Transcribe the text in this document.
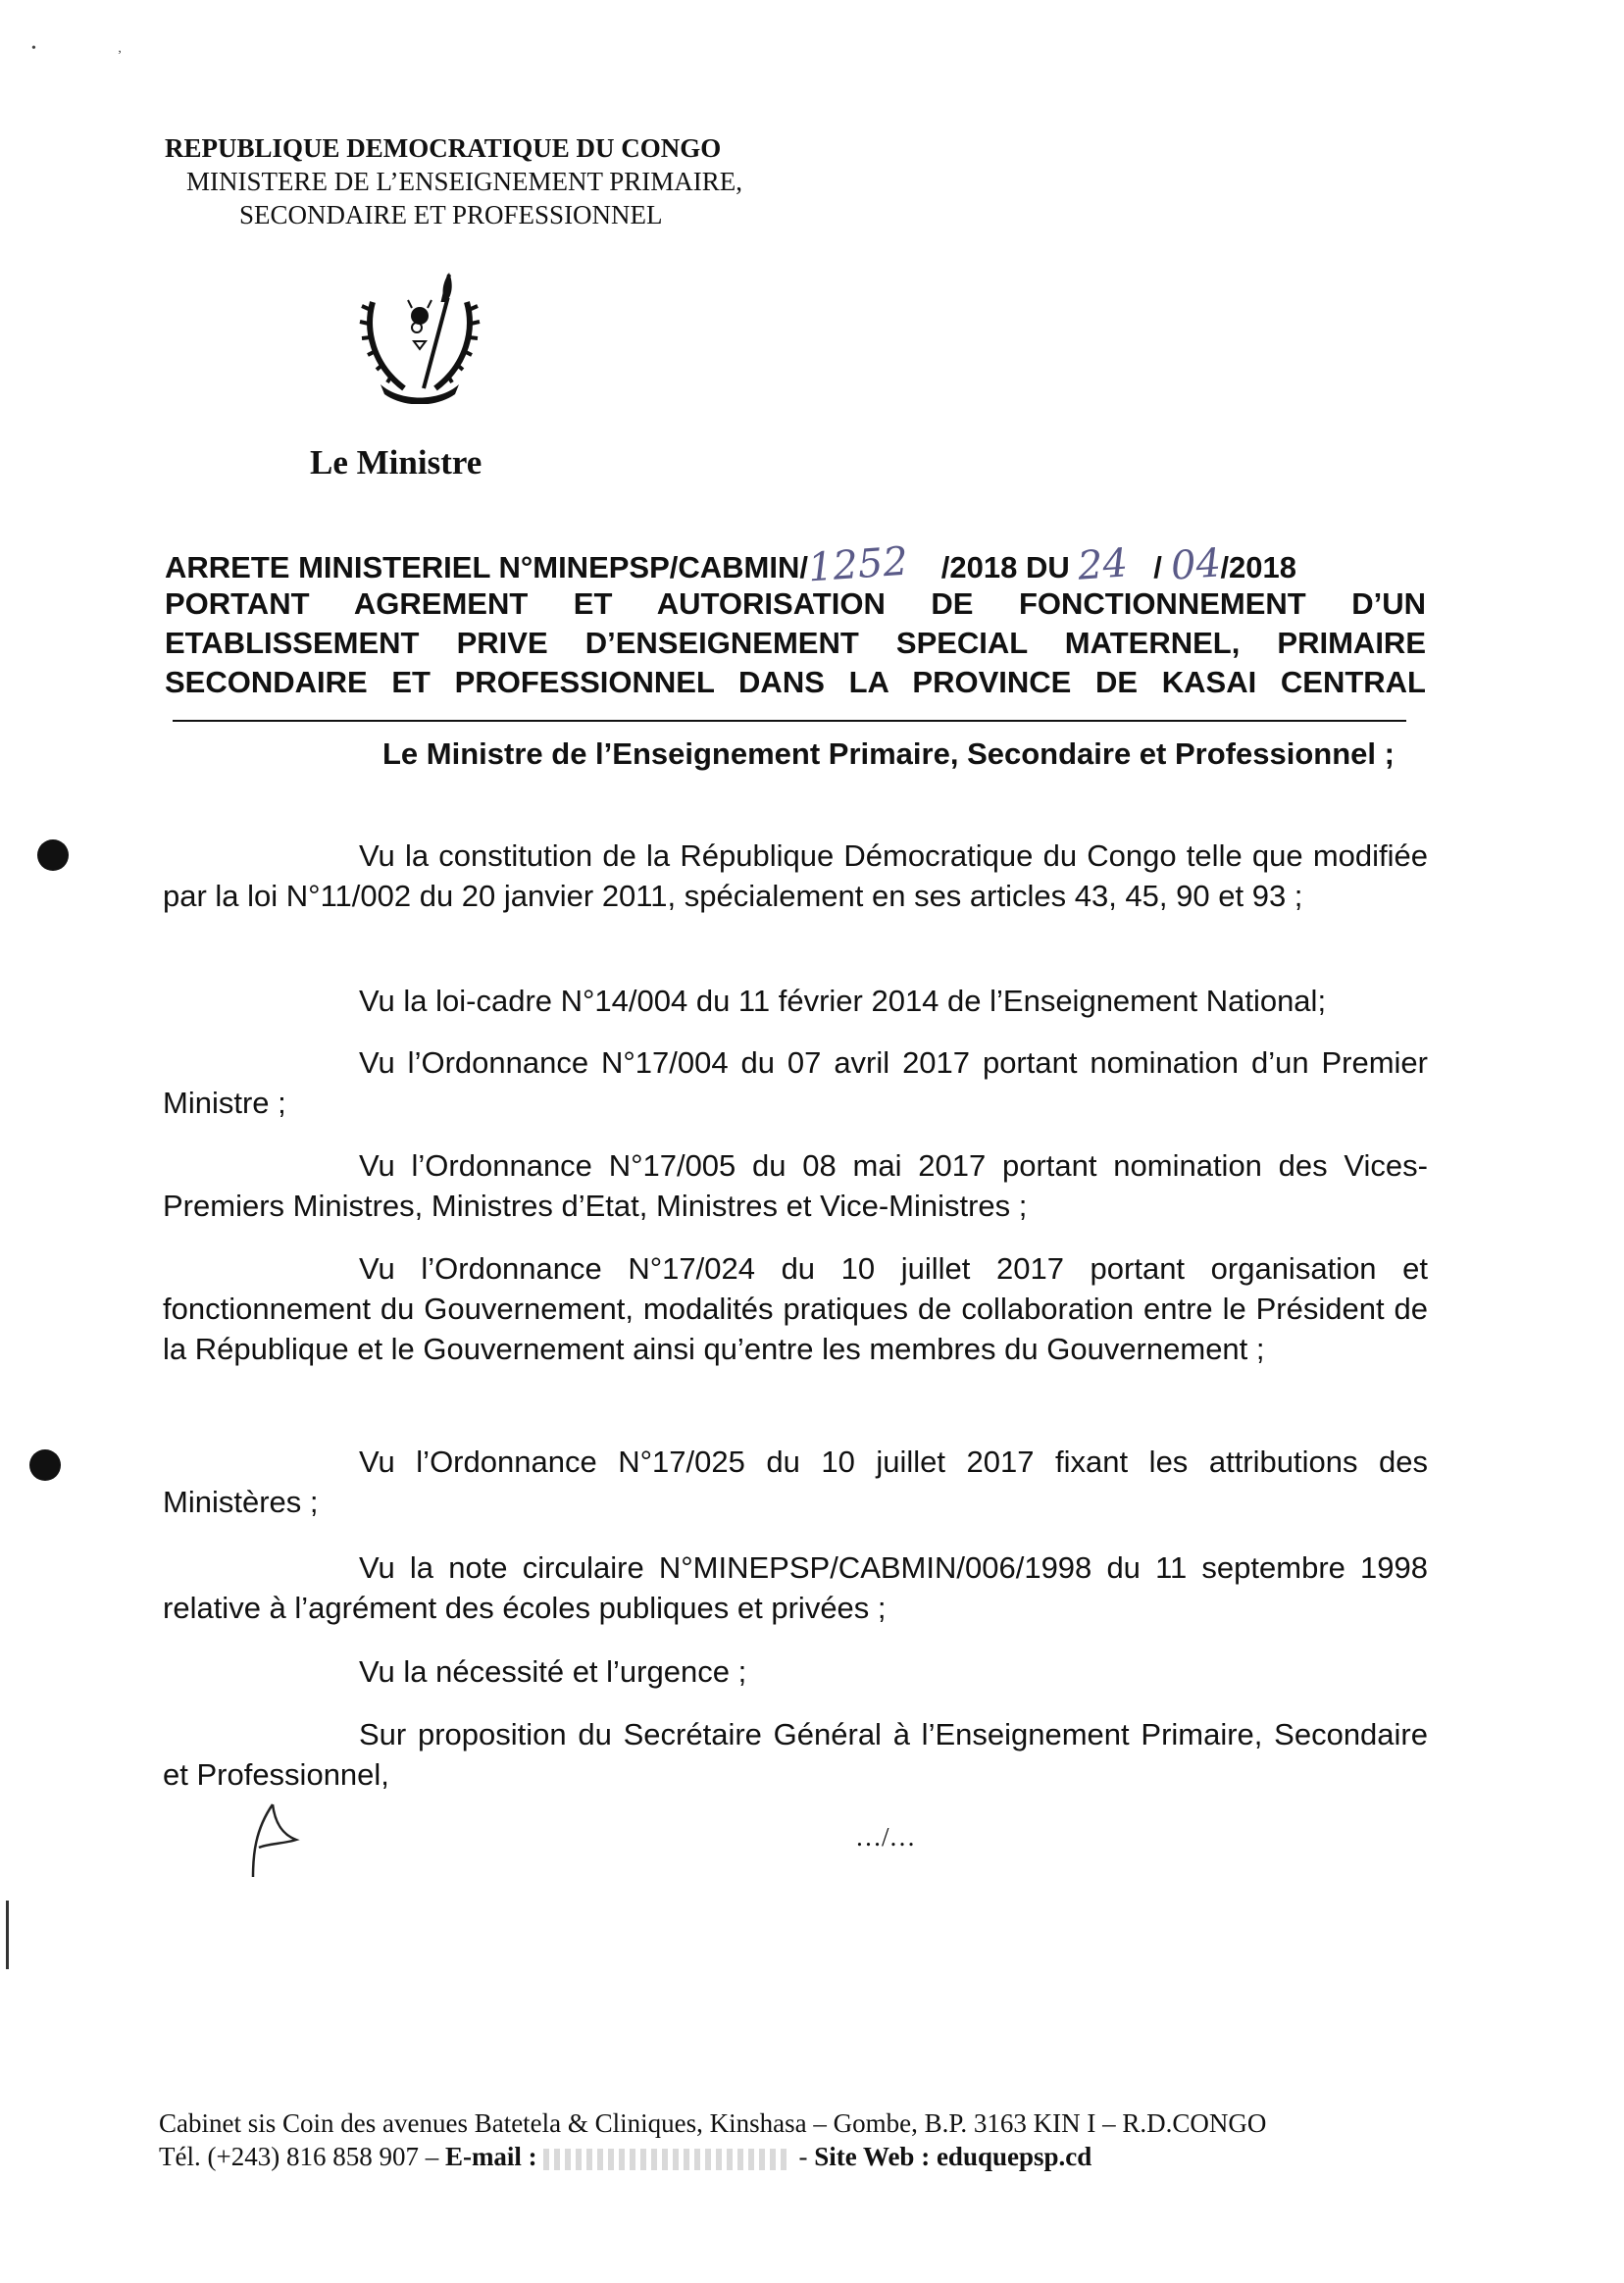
• ,
REPUBLIQUE DEMOCRATIQUE DU CONGO
MINISTERE DE L’ENSEIGNEMENT PRIMAIRE,
SECONDAIRE ET PROFESSIONNEL
Le Ministre
ARRETE MINISTERIEL N°MINEPSP/CABMIN/1252 /2018 DU 24 / 04/2018
PORTANT AGREMENT ET AUTORISATION DE FONCTIONNEMENT D’UN
ETABLISSEMENT PRIVE D’ENSEIGNEMENT SPECIAL MATERNEL, PRIMAIRE
SECONDAIRE ET PROFESSIONNEL DANS LA PROVINCE DE KASAI CENTRAL
Le Ministre de l’Enseignement Primaire, Secondaire et Professionnel ;
Vu la constitution de la République Démocratique du Congo telle que modifiée par la loi N°11/002 du 20 janvier 2011, spécialement en ses articles 43, 45, 90 et 93 ;
Vu la loi-cadre N°14/004 du 11 février 2014 de l’Enseignement National;
Vu l’Ordonnance N°17/004 du 07 avril 2017 portant nomination d’un Premier Ministre ;
Vu l’Ordonnance N°17/005 du 08 mai 2017 portant nomination des Vices-Premiers Ministres, Ministres d’Etat, Ministres et Vice-Ministres ;
Vu l’Ordonnance N°17/024 du 10 juillet 2017 portant organisation et fonctionnement du Gouvernement, modalités pratiques de collaboration entre le Président de la République et le Gouvernement ainsi qu’entre les membres du Gouvernement ;
Vu l’Ordonnance N°17/025 du 10 juillet 2017 fixant les attributions des Ministères ;
Vu la note circulaire N°MINEPSP/CABMIN/006/1998 du 11 septembre 1998 relative à l’agrément des écoles publiques et privées ;
Vu la nécessité et l’urgence ;
Sur proposition du Secrétaire Général à l’Enseignement Primaire, Secondaire et Professionnel,
…/…
Cabinet sis Coin des avenues Batetela & Cliniques, Kinshasa – Gombe, B.P. 3163 KIN I – R.D.CONGO
Tél. (+243) 816 858 907 – E-mail :	- Site Web : eduquepsp.cd
